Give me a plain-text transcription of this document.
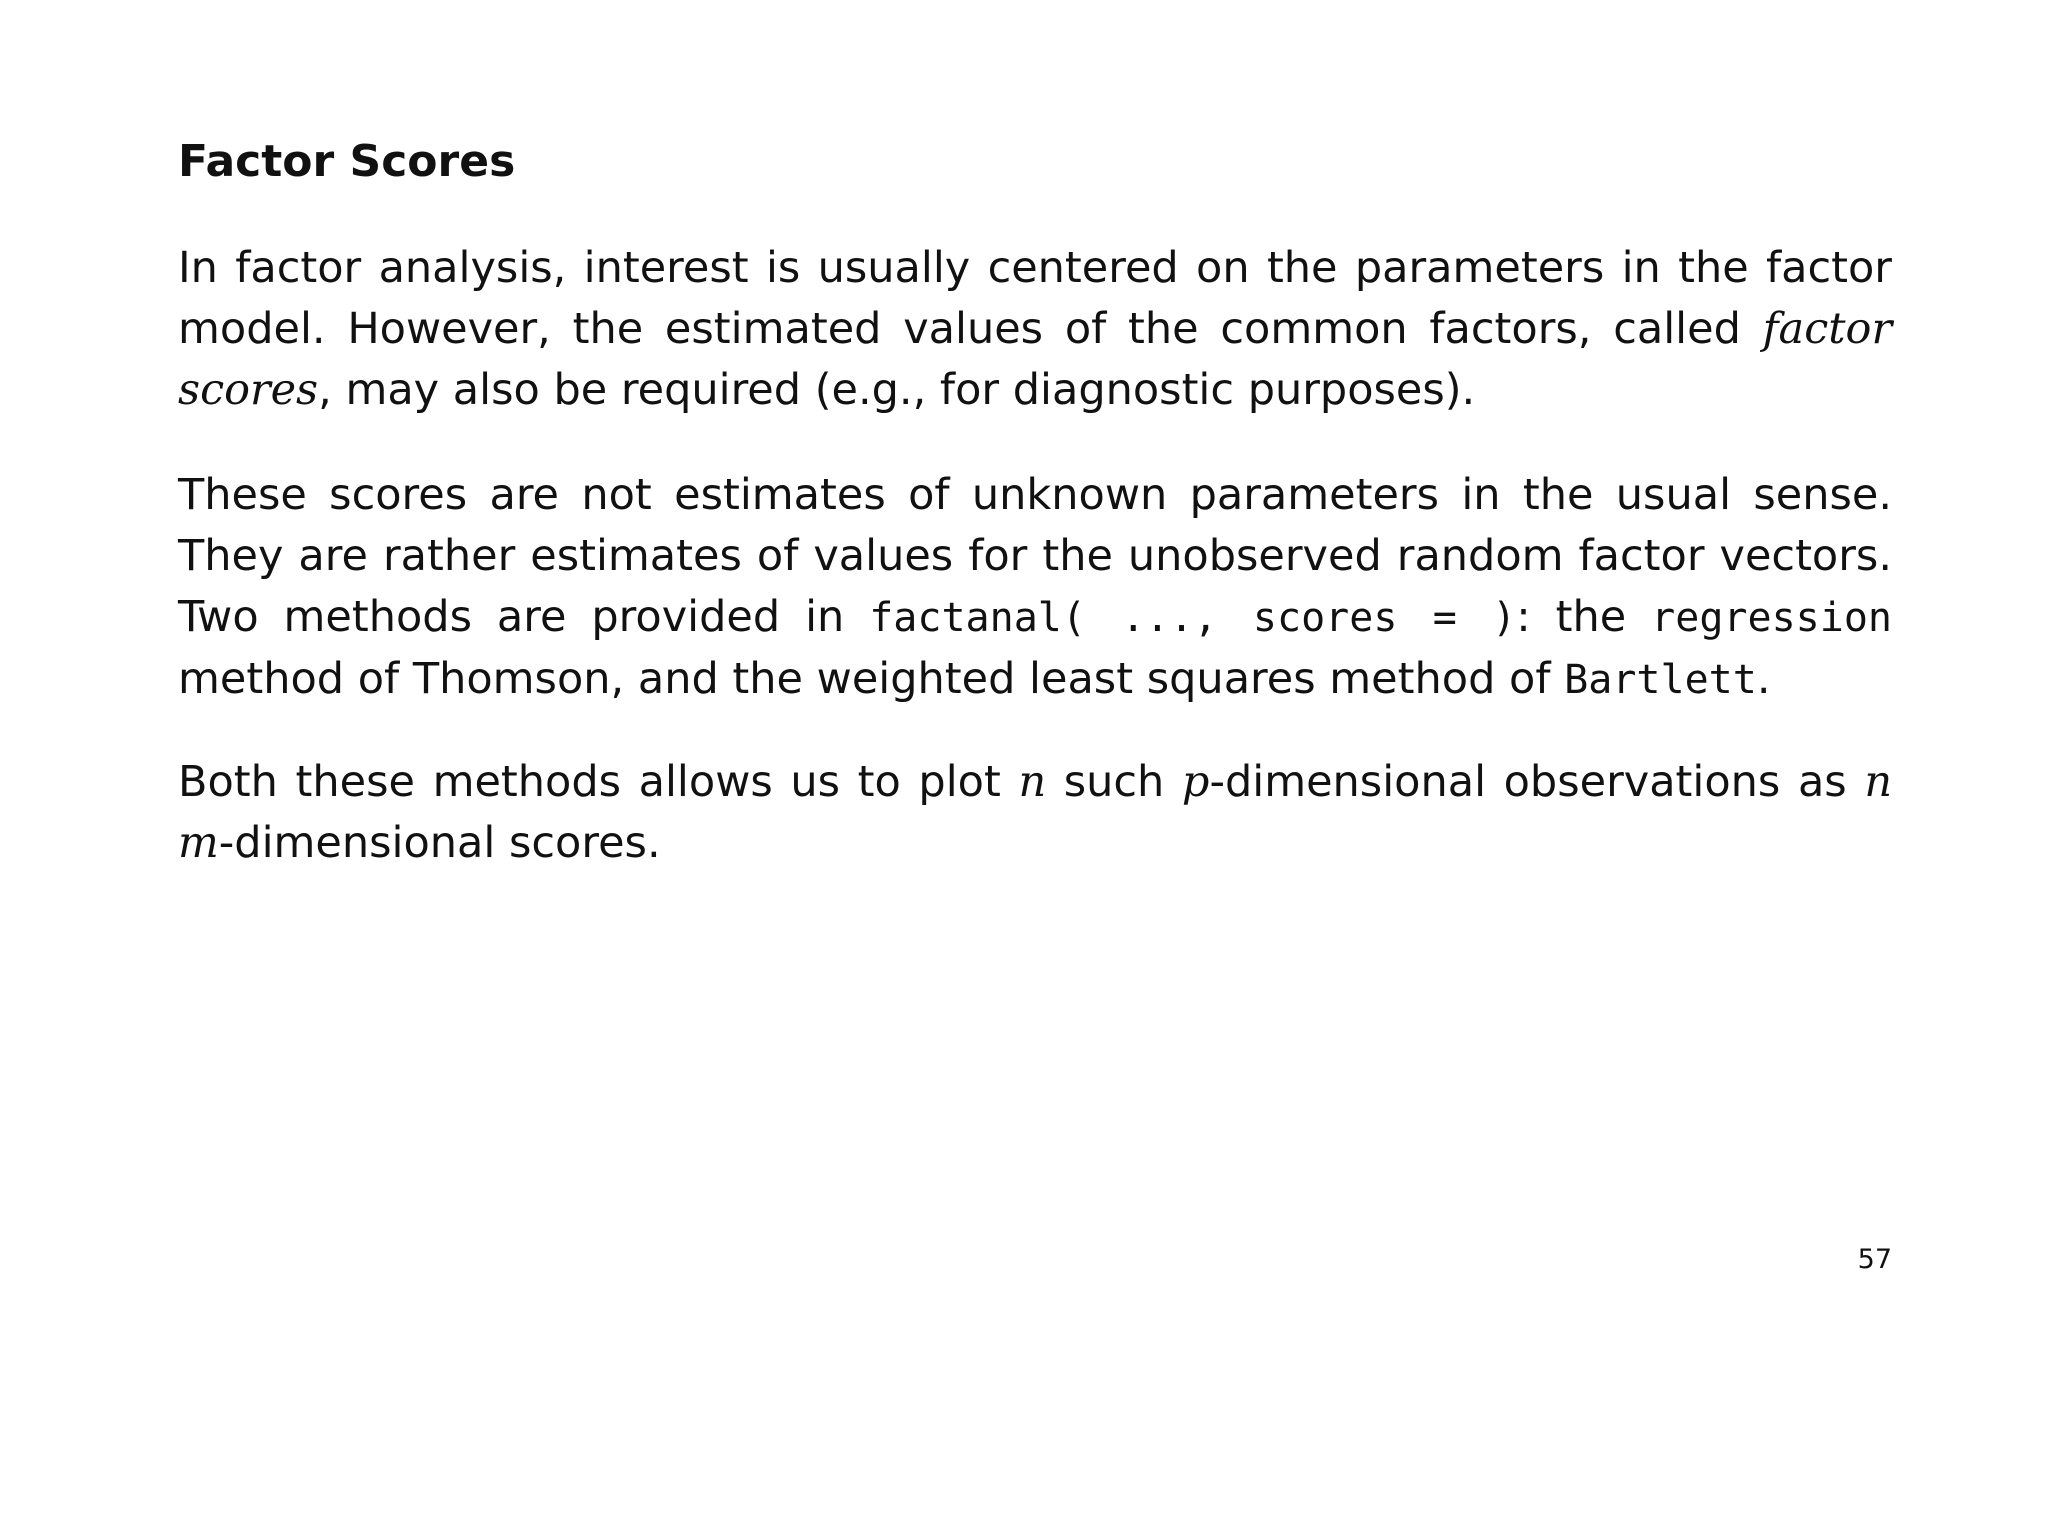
Factor Scores

In factor analysis, interest is usually centered on the parameters in the factor model. However, the estimated values of the common factors, called factor scores, may also be required (e.g., for diagnostic purposes).

These scores are not estimates of unknown parameters in the usual sense. They are rather estimates of values for the unobserved random factor vectors. Two methods are provided in factanal( ..., scores = ): the regression method of Thomson, and the weighted least squares method of Bartlett.

Both these methods allows us to plot n such p-dimensional observations as n m-dimensional scores.

57
